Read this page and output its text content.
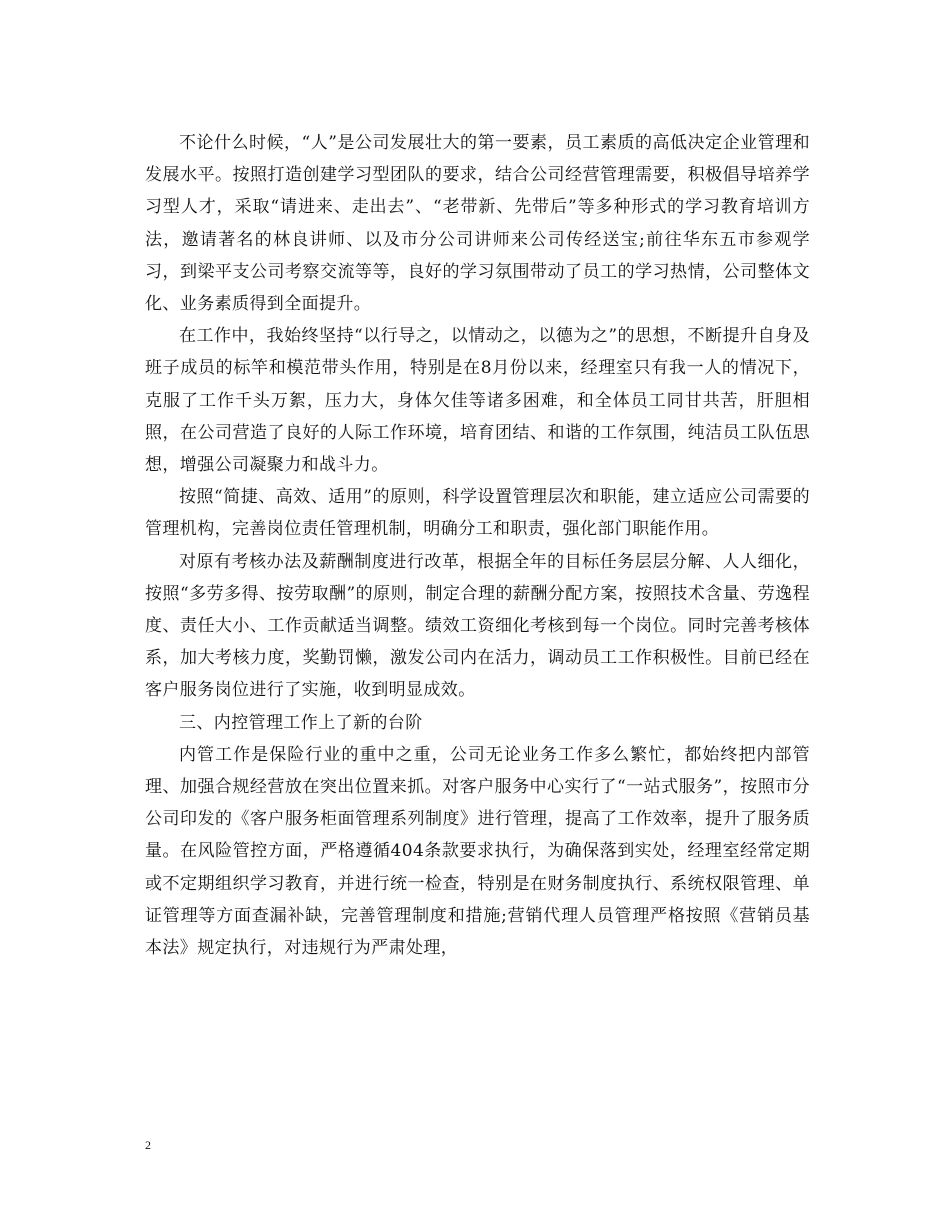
不论什么时候，“人”是公司发展壮大的第一要素，员工素质的高低决定企业管理和发展水平。按照打造创建学习型团队的要求，结合公司经营管理需要，积极倡导培养学习型人才，采取“请进来、走出去”、“老带新、先带后”等多种形式的学习教育培训方法，邀请著名的林良讲师、以及市分公司讲师来公司传经送宝;前往华东五市参观学习，到梁平支公司考察交流等等，良好的学习氛围带动了员工的学习热情，公司整体文化、业务素质得到全面提升。

在工作中，我始终坚持“以行导之，以情动之，以德为之”的思想，不断提升自身及班子成员的标竿和模范带头作用，特别是在8月份以来，经理室只有我一人的情况下，克服了工作千头万絮，压力大，身体欠佳等诸多困难，和全体员工同甘共苦，肝胆相照，在公司营造了良好的人际工作环境，培育团结、和谐的工作氛围，纯洁员工队伍思想，增强公司凝聚力和战斗力。

按照“简捷、高效、适用”的原则，科学设置管理层次和职能，建立适应公司需要的管理机构，完善岗位责任管理机制，明确分工和职责，强化部门职能作用。

对原有考核办法及薪酬制度进行改革，根据全年的目标任务层层分解、人人细化，按照“多劳多得、按劳取酬”的原则，制定合理的薪酬分配方案，按照技术含量、劳逸程度、责任大小、工作贡献适当调整。绩效工资细化考核到每一个岗位。同时完善考核体系，加大考核力度，奖勤罚懒，激发公司内在活力，调动员工工作积极性。目前已经在客户服务岗位进行了实施，收到明显成效。

三、内控管理工作上了新的台阶

内管工作是保险行业的重中之重，公司无论业务工作多么繁忙，都始终把内部管理、加强合规经营放在突出位置来抓。对客户服务中心实行了“一站式服务”，按照市分公司印发的《客户服务柜面管理系列制度》进行管理，提高了工作效率，提升了服务质量。在风险管控方面，严格遵循404条款要求执行，为确保落到实处，经理室经常定期或不定期组织学习教育，并进行统一检查，特别是在财务制度执行、系统权限管理、单证管理等方面查漏补缺，完善管理制度和措施;营销代理人员管理严格按照《营销员基本法》规定执行，对违规行为严肃处理，

2
